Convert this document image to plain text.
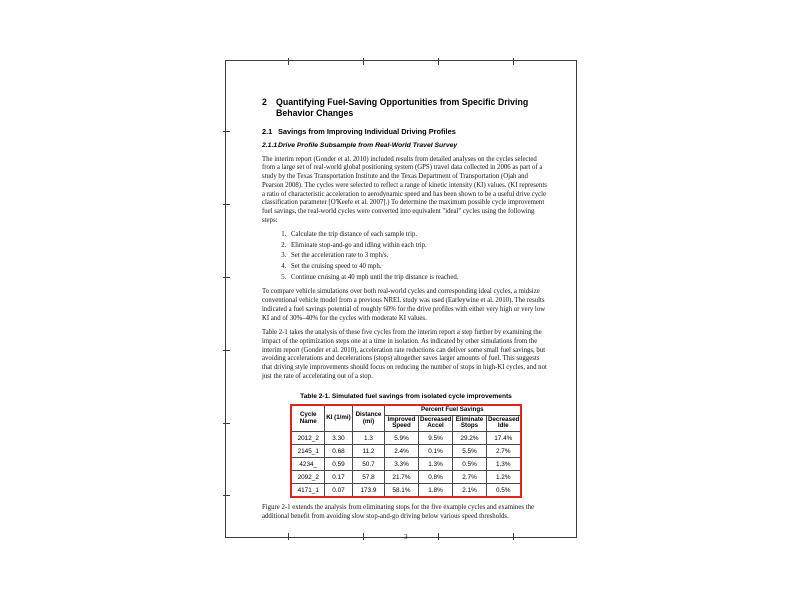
2	Quantifying Fuel-Saving Opportunities from Specific Driving Behavior Changes
2.1 Savings from Improving Individual Driving Profiles
2.1.1 Drive Profile Subsample from Real-World Travel Survey

The interim report (Gonder et al. 2010) included results from detailed analyses on the cycles selected from a large set of real-world global positioning system (GPS) travel data collected in 2006 as part of a study by the Texas Transportation Institute and the Texas Department of Transportation (Ojah and Pearson 2008). The cycles were selected to reflect a range of kinetic intensity (KI) values. (KI represents a ratio of characteristic acceleration to aerodynamic speed and has been shown to be a useful drive cycle classification parameter [O'Keefe et al. 2007].) To determine the maximum possible cycle improvement fuel savings, the real-world cycles were converted into equivalent "ideal" cycles using the following steps:

1. Calculate the trip distance of each sample trip.
2. Eliminate stop-and-go and idling within each trip.
3. Set the acceleration rate to 3 mph/s.
4. Set the cruising speed to 40 mph.
5. Continue cruising at 40 mph until the trip distance is reached.

To compare vehicle simulations over both real-world cycles and corresponding ideal cycles, a midsize conventional vehicle model from a previous NREL study was used (Earleywine et al. 2010). The results indicated a fuel savings potential of roughly 60% for the drive profiles with either very high or very low KI and of 30%–40% for the cycles with moderate KI values.

Table 2-1 takes the analysis of these five cycles from the interim report a step further by examining the impact of the optimization steps one at a time in isolation. As indicated by other simulations from the interim report (Gonder et al. 2010), acceleration rate reductions can deliver some small fuel savings, but avoiding accelerations and decelerations (stops) altogether saves larger amounts of fuel. This suggests that driving style improvements should focus on reducing the number of stops in high-KI cycles, and not just the rate of accelerating out of a stop.

Table 2-1. Simulated fuel savings from isolated cycle improvements
Cycle Name	KI (1/mi)	Distance (mi)	Percent Fuel Savings			
			Improved Speed	Decreased Accel	Eliminate Stops	Decreased Idle
2012_2	3.30	1.3	5.9%	9.5%	29.2%	17.4%
2145_1	0.68	11.2	2.4%	0.1%	5.5%	2.7%
4234_	0.59	50.7	3.3%	1.3%	0.5%	1.3%
2092_2	0.17	57.8	21.7%	0.8%	2.7%	1.2%
4171_1	0.07	173.9	58.1%	1.8%	2.1%	0.5%

Figure 2-1 extends the analysis from eliminating stops for the five example cycles and examines the additional benefit from avoiding slow stop-and-go driving below various speed thresholds.

3
